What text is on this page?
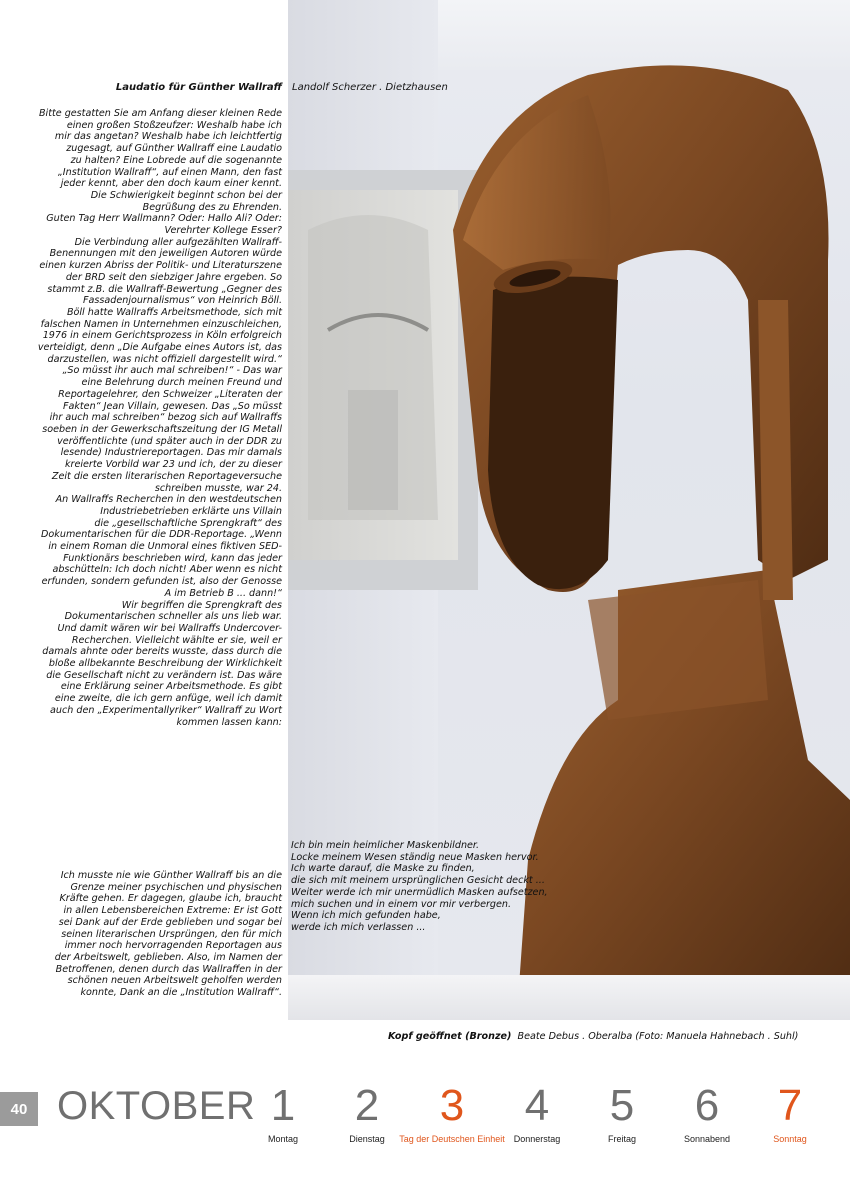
Laudatio für Günther Wallraff Landolf Scherzer . Dietzhausen
Bitte gestatten Sie am Anfang dieser kleinen Rede
einen großen Stoßzeufzer: Weshalb habe ich
mir das angetan? Weshalb habe ich leichtfertig
zugesagt, auf Günther Wallraff eine Laudatio
zu halten? Eine Lobrede auf die sogenannte
„Institution Wallraff“, auf einen Mann, den fast
jeder kennt, aber den doch kaum einer kennt.
Die Schwierigkeit beginnt schon bei der
Begrüßung des zu Ehrenden.
Guten Tag Herr Wallmann? Oder: Hallo Ali? Oder:
Verehrter Kollege Esser?
Die Verbindung aller aufgezählten Wallraff-
Benennungen mit den jeweiligen Autoren würde
einen kurzen Abriss der Politik- und Literaturszene
der BRD seit den siebziger Jahre ergeben. So
stammt z.B. die Wallraff-Bewertung „Gegner des
Fassadenjournalismus“ von Heinrich Böll.
Böll hatte Wallraffs Arbeitsmethode, sich mit
falschen Namen in Unternehmen einzuschleichen,
1976 in einem Gerichtsprozess in Köln erfolgreich
verteidigt, denn „Die Aufgabe eines Autors ist, das
darzustellen, was nicht offiziell dargestellt wird.“
„So müsst ihr auch mal schreiben!“ - Das war
eine Belehrung durch meinen Freund und
Reportagelehrer, den Schweizer „Literaten der
Fakten“ Jean Villain, gewesen. Das „So müsst
ihr auch mal schreiben“ bezog sich auf Wallraffs
soeben in der Gewerkschaftszeitung der IG Metall
veröffentlichte (und später auch in der DDR zu
lesende) Industriereportagen. Das mir damals
kreierte Vorbild war 23 und ich, der zu dieser
Zeit die ersten literarischen Reportageversuche
schreiben musste, war 24.
An Wallraffs Recherchen in den westdeutschen
Industriebetrieben erklärte uns Villain
die „gesellschaftliche Sprengkraft“ des
Dokumentarischen für die DDR-Reportage. „Wenn
in einem Roman die Unmoral eines fiktiven SED-
Funktionärs beschrieben wird, kann das jeder
abschütteln: Ich doch nicht! Aber wenn es nicht
erfunden, sondern gefunden ist, also der Genosse
A im Betrieb B ... dann!“
Wir begriffen die Sprengkraft des
Dokumentarischen schneller als uns lieb war.
Und damit wären wir bei Wallraffs Undercover-
Recherchen. Vielleicht wählte er sie, weil er
damals ahnte oder bereits wusste, dass durch die
bloße allbekannte Beschreibung der Wirklichkeit
die Gesellschaft nicht zu verändern ist. Das wäre
eine Erklärung seiner Arbeitsmethode. Es gibt
eine zweite, die ich gern anfüge, weil ich damit
auch den „Experimentallyriker“ Wallraff zu Wort
kommen lassen kann:
Ich musste nie wie Günther Wallraff bis an die
Grenze meiner psychischen und physischen
Kräfte gehen. Er dagegen, glaube ich, braucht
in allen Lebensbereichen Extreme: Er ist Gott
sei Dank auf der Erde geblieben und sogar bei
seinen literarischen Ursprüngen, den für mich
immer noch hervorragenden Reportagen aus
der Arbeitswelt, geblieben. Also, im Namen der
Betroffenen, denen durch das Wallraffen in der
schönen neuen Arbeitswelt geholfen werden
konnte, Dank an die „Institution Wallraff“.
Ich bin mein heimlicher Maskenbildner.
Locke meinem Wesen ständig neue Masken hervor.
Ich warte darauf, die Maske zu finden,
die sich mit meinem ursprünglichen Gesicht deckt ...
Weiter werde ich mir unermüdlich Masken aufsetzen,
mich suchen und in einem vor mir verbergen.
Wenn ich mich gefunden habe,
werde ich mich verlassen ...
Kopf geöffnet (Bronze) Beate Debus . Oberalba (Foto: Manuela Hahnebach . Suhl)
40 OKTOBER 1
Montag
2
Dienstag
3
Tag der Deutschen Einheit
4
Donnerstag
5
Freitag
6
Sonnabend
7
Sonntag
